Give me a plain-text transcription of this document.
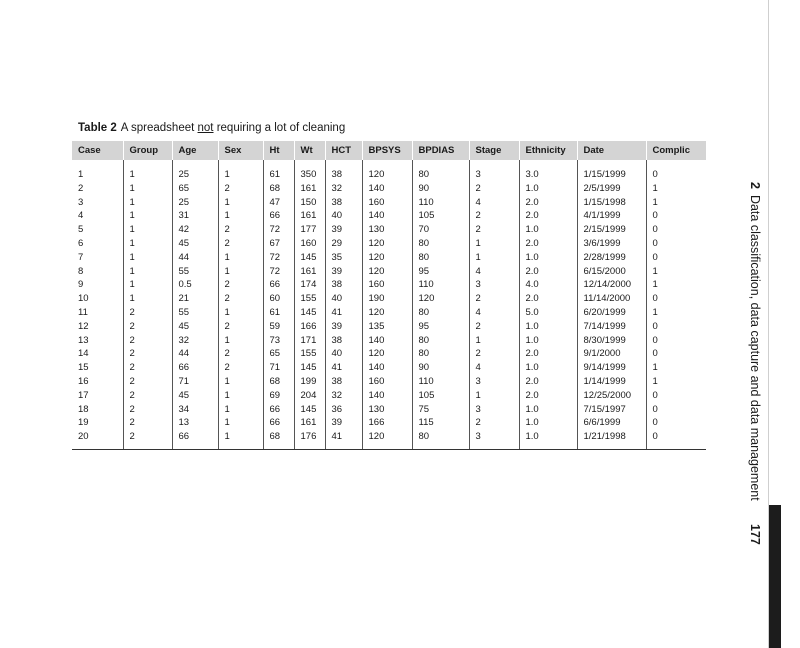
Table 2 A spreadsheet not requiring a lot of cleaning
Case	Group	Age	Sex	Ht	Wt	HCT	BPSYS	BPDIAS	Stage	Ethnicity	Date	Complic
1	1	25	1	61	350	38	120	80	3	3.0	1/15/1999	0
2	1	65	2	68	161	32	140	90	2	1.0	2/5/1999	1
3	1	25	1	47	150	38	160	110	4	2.0	1/15/1998	1
4	1	31	1	66	161	40	140	105	2	2.0	4/1/1999	0
5	1	42	2	72	177	39	130	70	2	1.0	2/15/1999	0
6	1	45	2	67	160	29	120	80	1	2.0	3/6/1999	0
7	1	44	1	72	145	35	120	80	1	1.0	2/28/1999	0
8	1	55	1	72	161	39	120	95	4	2.0	6/15/2000	1
9	1	0.5	2	66	174	38	160	110	3	4.0	12/14/2000	1
10	1	21	2	60	155	40	190	120	2	2.0	11/14/2000	0
11	2	55	1	61	145	41	120	80	4	5.0	6/20/1999	1
12	2	45	2	59	166	39	135	95	2	1.0	7/14/1999	0
13	2	32	1	73	171	38	140	80	1	1.0	8/30/1999	0
14	2	44	2	65	155	40	120	80	2	2.0	9/1/2000	0
15	2	66	2	71	145	41	140	90	4	1.0	9/14/1999	1
16	2	71	1	68	199	38	160	110	3	2.0	1/14/1999	1
17	2	45	1	69	204	32	140	105	1	2.0	12/25/2000	0
18	2	34	1	66	145	36	130	75	3	1.0	7/15/1997	0
19	2	13	1	66	161	39	166	115	2	1.0	6/6/1999	0
20	2	66	1	68	176	41	120	80	3	1.0	1/21/1998	0
2Data classification, data capture and data management
177
